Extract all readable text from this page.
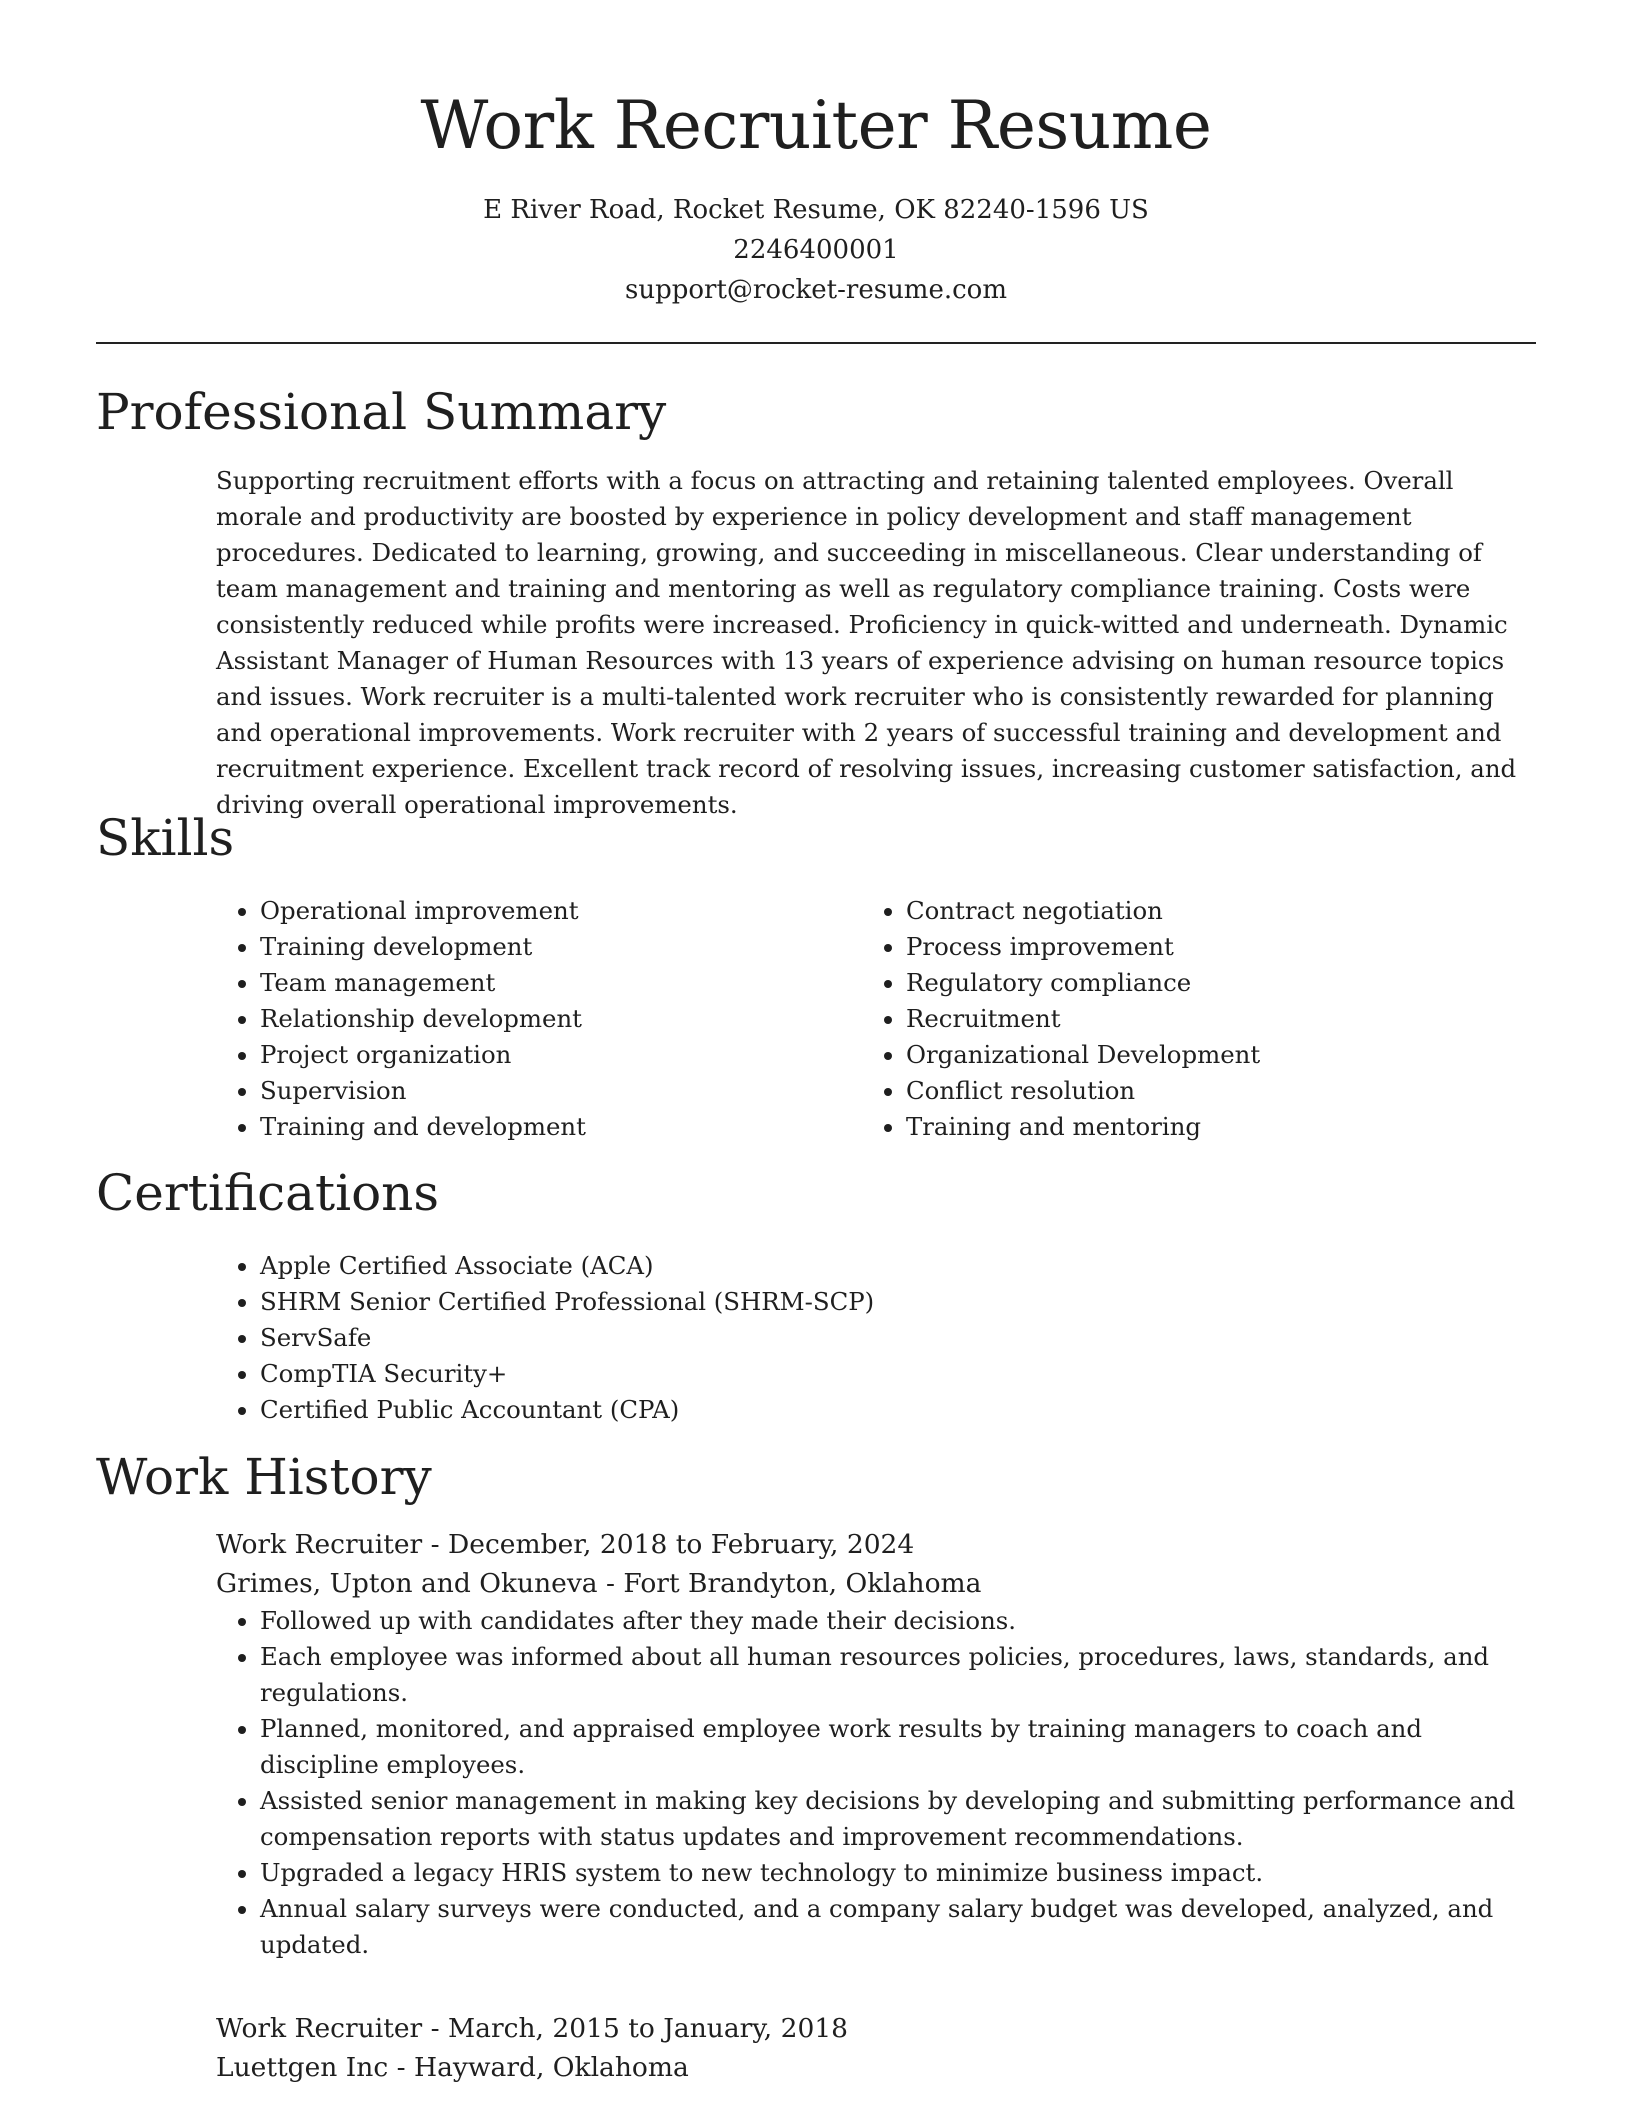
Work Recruiter Resume

E River Road, Rocket Resume, OK 82240-1596 US

2246400001

support@rocket-resume.com

Professional Summary

Supporting recruitment efforts with a focus on attracting and retaining talented employees. Overall morale and productivity are boosted by experience in policy development and staff management procedures. Dedicated to learning, growing, and succeeding in miscellaneous. Clear understanding of team management and training and mentoring as well as regulatory compliance training. Costs were consistently reduced while profits were increased. Proficiency in quick-witted and underneath. Dynamic Assistant Manager of Human Resources with 13 years of experience advising on human resource topics and issues. Work recruiter is a multi-talented work recruiter who is consistently rewarded for planning and operational improvements. Work recruiter with 2 years of successful training and development and recruitment experience. Excellent track record of resolving issues, increasing customer satisfaction, and driving overall operational improvements.

Skills
• Operational improvement
• Training development
• Team management
• Relationship development
• Project organization
• Supervision
• Training and development
• Contract negotiation
• Process improvement
• Regulatory compliance
• Recruitment
• Organizational Development
• Conflict resolution
• Training and mentoring
Certifications
• Apple Certified Associate (ACA)
• SHRM Senior Certified Professional (SHRM-SCP)
• ServSafe
• CompTIA Security+
• Certified Public Accountant (CPA)
Work History

Work Recruiter - December, 2018 to February, 2024

Grimes, Upton and Okuneva - Fort Brandyton, Oklahoma

• Followed up with candidates after they made their decisions.
• Each employee was informed about all human resources policies, procedures, laws, standards, and regulations.
• Planned, monitored, and appraised employee work results by training managers to coach and discipline employees.
• Assisted senior management in making key decisions by developing and submitting performance and compensation reports with status updates and improvement recommendations.
• Upgraded a legacy HRIS system to new technology to minimize business impact.
• Annual salary surveys were conducted, and a company salary budget was developed, analyzed, and updated.

Work Recruiter - March, 2015 to January, 2018

Luettgen Inc - Hayward, Oklahoma
